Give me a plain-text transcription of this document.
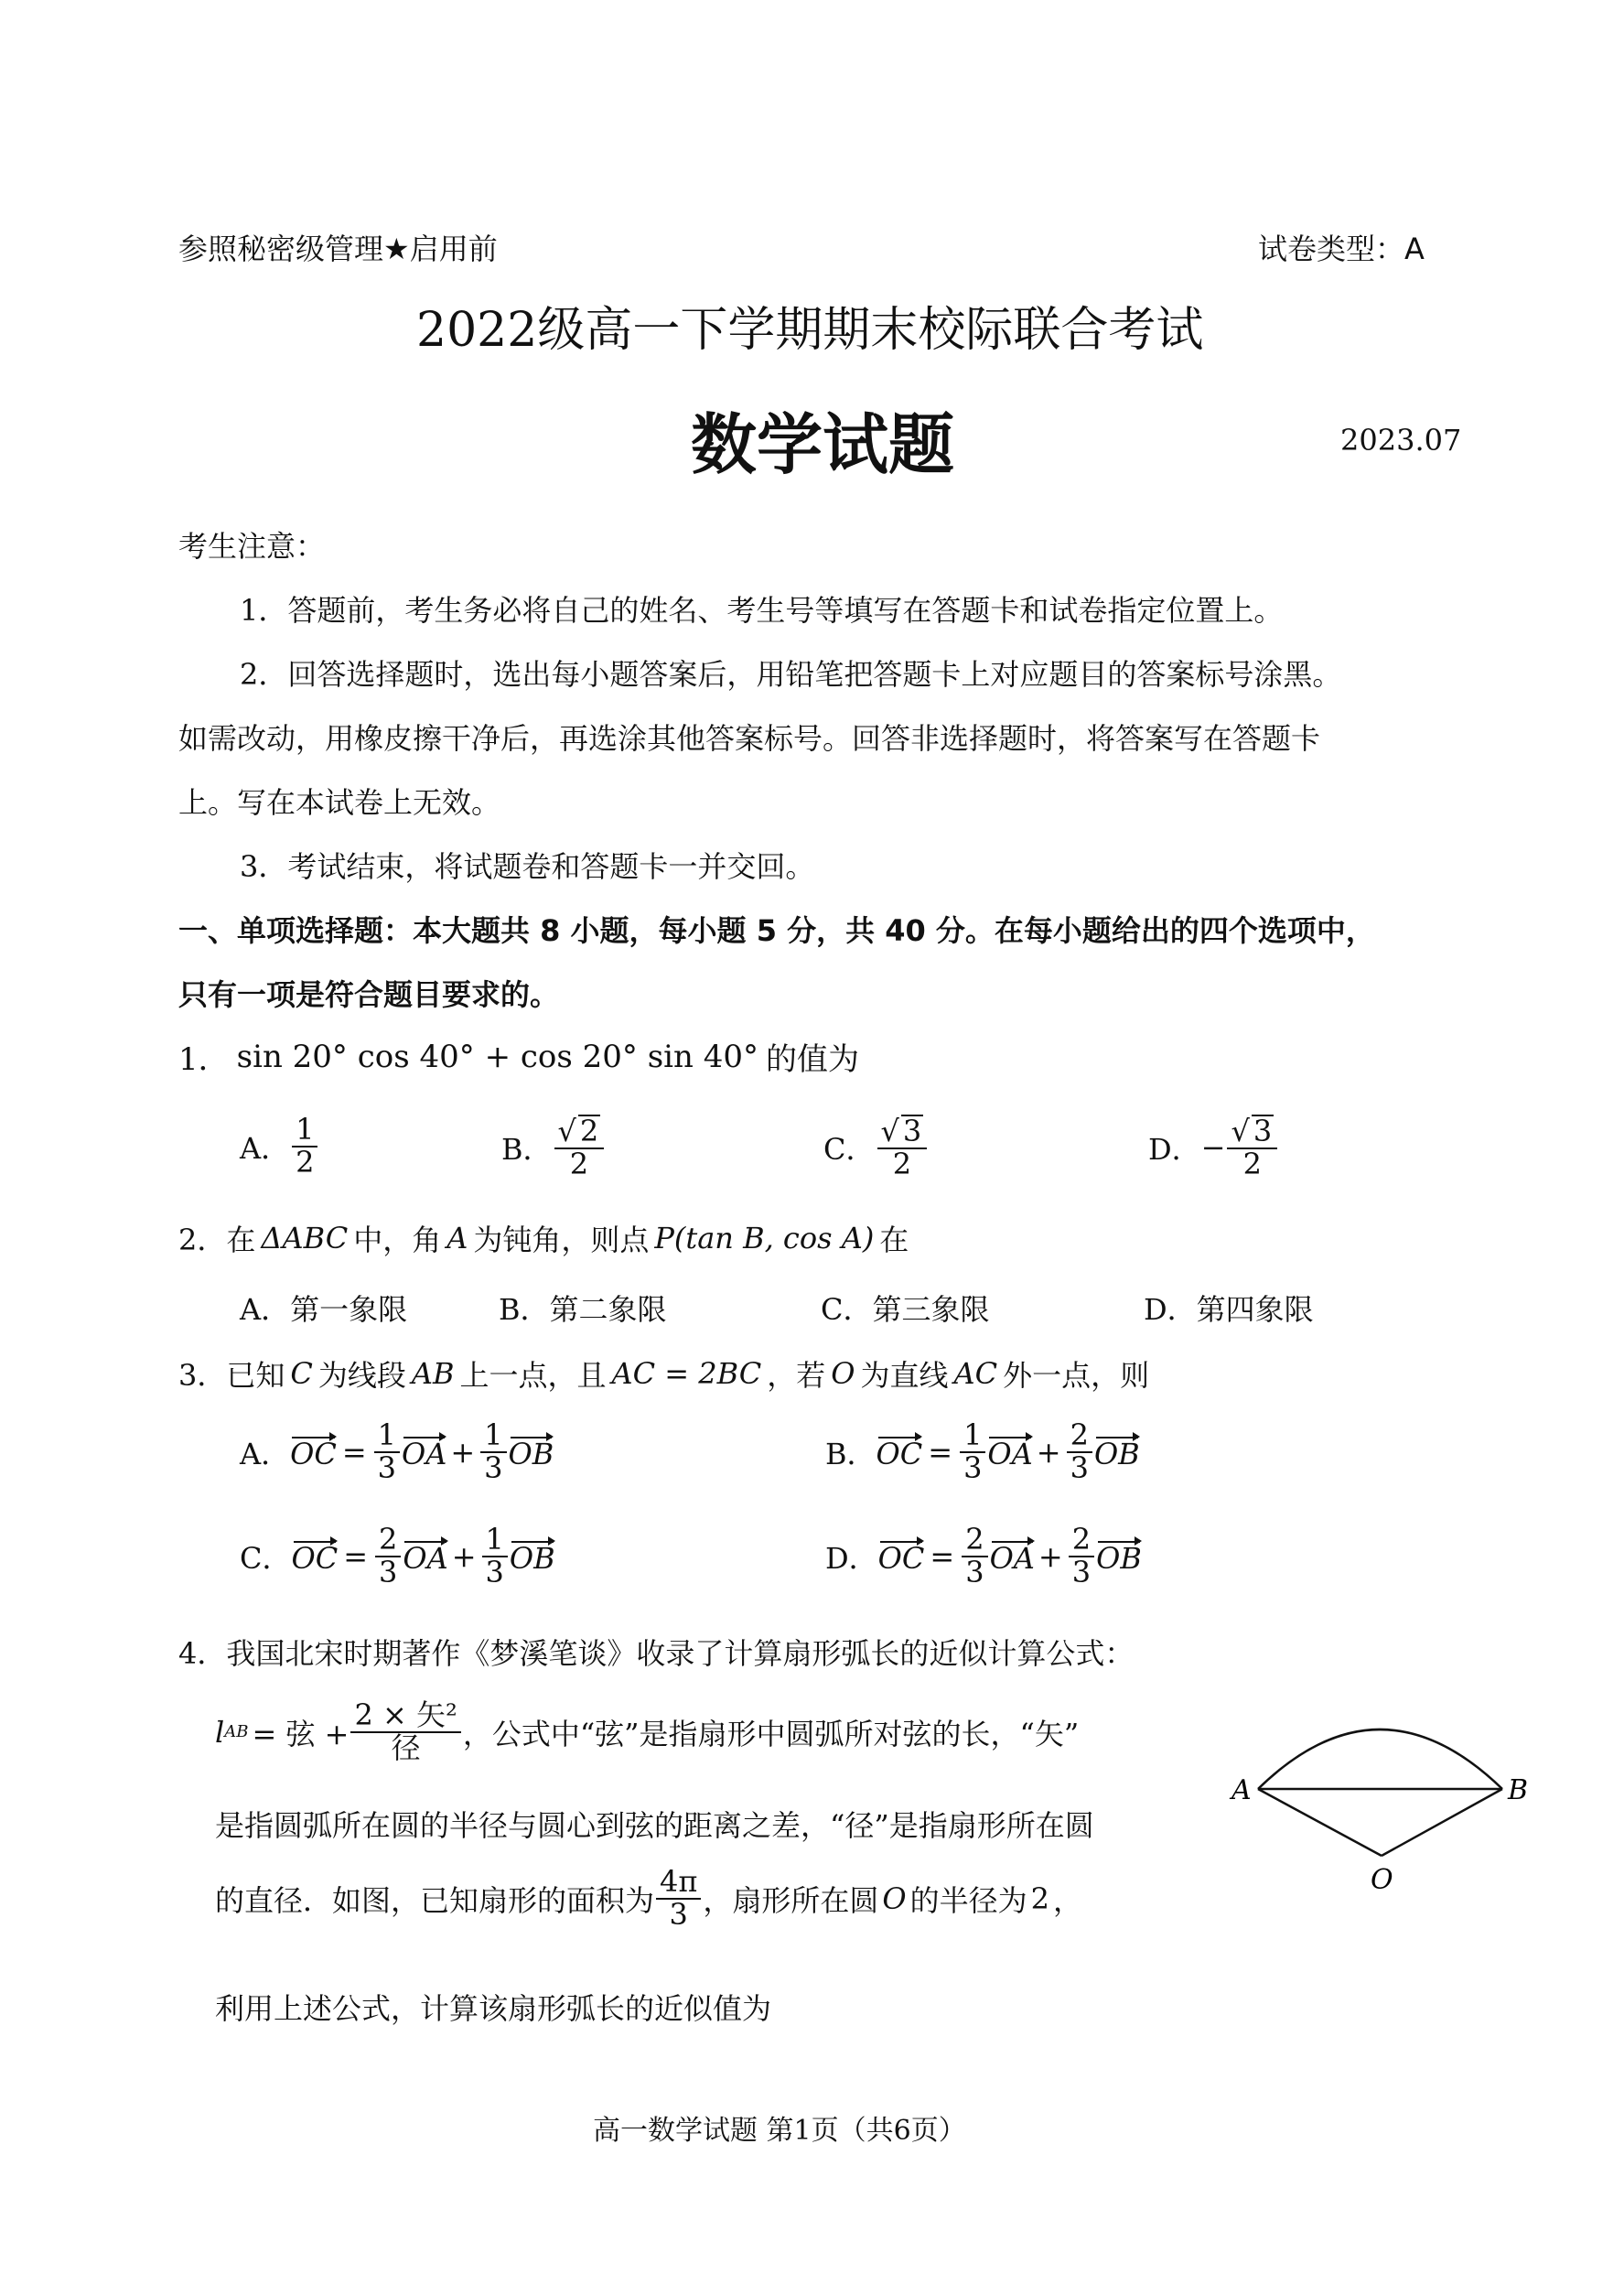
参照秘密级管理★启用前	试卷类型：A
2022级高一下学期期末校际联合考试
数学试题	2023.07
考生注意：
1．答题前，考生务必将自己的姓名、考生号等填写在答题卡和试卷指定位置上。
2．回答选择题时，选出每小题答案后，用铅笔把答题卡上对应题目的答案标号涂黑。
如需改动，用橡皮擦干净后，再选涂其他答案标号。回答非选择题时，将答案写在答题卡
上。写在本试卷上无效。
3．考试结束，将试题卷和答题卡一并交回。
一、单项选择题：本大题共 8 小题，每小题 5 分，共 40 分。在每小题给出的四个选项中，
只有一项是符合题目要求的。
1． sin 20° cos 40° + cos 20° sin 40° 的值为
A． $\frac{1}{2}$	B． $\frac{√ 2}{2}$	C． $\frac{√ 3}{2}$	D． − $\frac{√ 3}{2}$
2．在 ΔABC 中，角 A 为钝角，则点 P(tan B, cos A) 在
A．第一象限	B．第二象限	C．第三象限	D．第四象限
3．已知 C 为线段 AB 上一点，且 AC = 2BC ，若 O 为直线 AC 外一点，则
A． OC = $\frac{1}{3}$ OA + $\frac{1}{3}$ OB	B． OC = $\frac{1}{3}$ OA + $\frac{2}{3}$ OB
C． OC = $\frac{2}{3}$ OA + $\frac{1}{3}$ OB	D． OC = $\frac{2}{3}$ OA + $\frac{2}{3}$ OB
4．我国北宋时期著作《梦溪笔谈》收录了计算扇形弧长的近似计算公式：
l AB = 弦 + $\frac{\text{2 × 矢²}}{\text{径}}$ ，公式中“弦”是指扇形中圆弧所对弦的长，“矢”
是指圆弧所在圆的半径与圆心到弦的距离之差，“径”是指扇形所在圆
的直径．如图，已知扇形的面积为 $\frac{4\pi}{3}$ ，扇形所在圆 O 的半径为 2 ，
利用上述公式，计算该扇形弧长的近似值为
A	B
O
高一数学试题 第1页（共6页）
